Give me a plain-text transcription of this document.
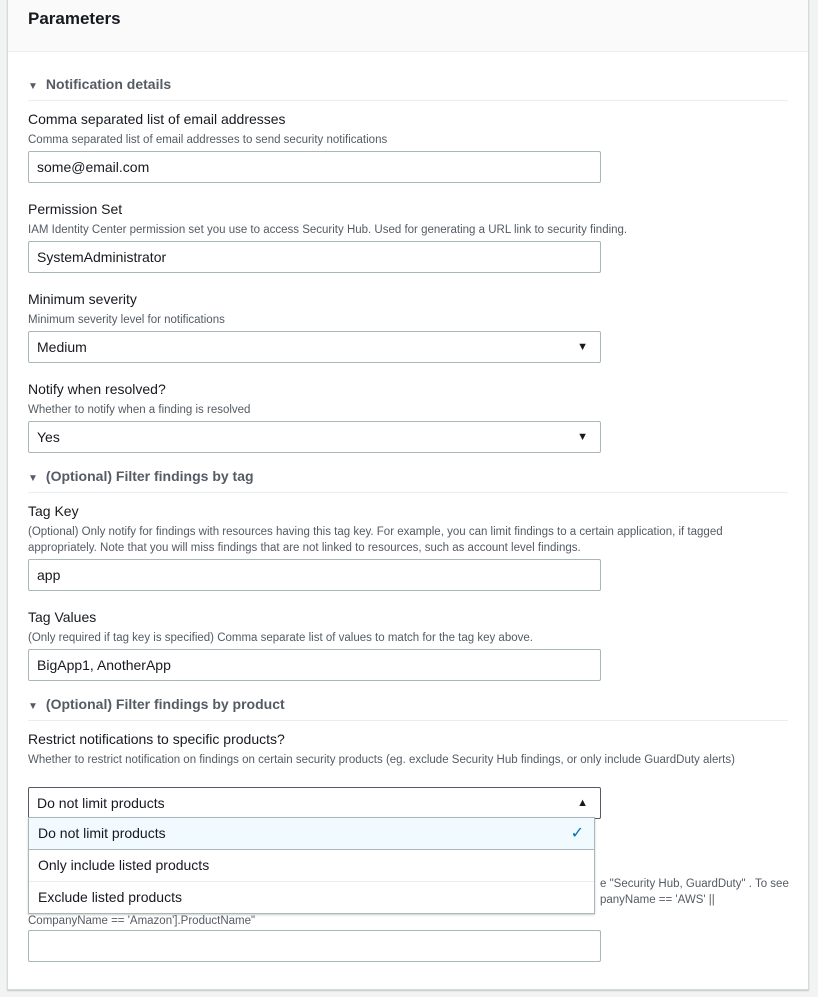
Parameters
▼ Notification details
Comma separated list of email addresses
Comma separated list of email addresses to send security notifications
some@email.com
Permission Set
IAM Identity Center permission set you use to access Security Hub. Used for generating a URL link to security finding.
SystemAdministrator
Minimum severity
Minimum severity level for notifications
Medium	▼
Notify when resolved?
Whether to notify when a finding is resolved
Yes	▼
▼ (Optional) Filter findings by tag
Tag Key
(Optional) Only notify for findings with resources having this tag key. For example, you can limit findings to a certain application, if tagged appropriately. Note that you will miss findings that are not linked to resources, such as account level findings.
app
Tag Values
(Only required if tag key is specified) Comma separate list of values to match for the tag key above.
BigApp1, AnotherApp
▼ (Optional) Filter findings by product
Restrict notifications to specific products?
Whether to restrict notification on findings on certain security products (eg. exclude Security Hub findings, or only include GuardDuty alerts)
Do not limit products	▲
Do not limit products	✓
Only include listed products
Exclude listed products
e "Security Hub, GuardDuty" . To see
panyName == 'AWS' ||
CompanyName == 'Amazon'].ProductName"
